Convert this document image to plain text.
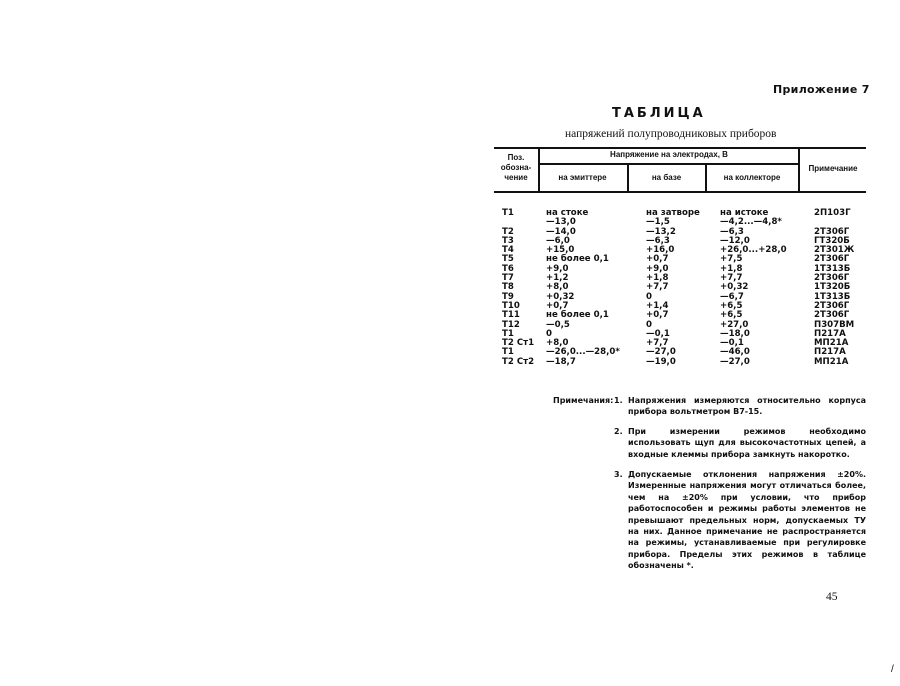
Приложение 7
ТАБЛИЦА
напряжений полупроводниковых приборов
Поз.
обозна-
чение
Напряжение на электродах, В
на эмиттере	на базе	на коллекторе
Примечание
T1
T2
T3
T4
T5
T6
T7
T8
T9
T10
T11
T12
T1
T2 Ст1
T1
T2 Ст2
на стоке
—13,0
—14,0
—6,0
+15,0
не более 0,1
+9,0
+1,2
+8,0
+0,32
+0,7
не более 0,1
—0,5
0
+8,0
—26,0...—28,0*
—18,7
на затворе
—1,5
—13,2
—6,3
+16,0
+0,7
+9,0
+1,8
+7,7
0
+1,4
+0,7
0
—0,1
+7,7
—27,0
—19,0
на истоке
—4,2...—4,8*
—6,3
—12,0
+26,0...+28,0
+7,5
+1,8
+7,7
+0,32
—6,7
+6,5
+6,5
+27,0
—18,0
—0,1
—46,0
—27,0
2П103Г
2Т306Г
ГТ320Б
2Т301Ж
2Т306Г
1Т313Б
2Т306Г
1Т320Б
1Т313Б
2Т306Г
2Т306Г
П307ВМ
П217А
МП21А
П217А
МП21А
Примечания: 1. Напряжения измеряются относительно корпуса прибора вольтметром В7-15.
2. При измерении режимов необходимо использовать щуп для высокочастотных цепей, а входные клеммы прибора замкнуть накоротко.
3. Допускаемые отклонения напряжения ±20%. Измеренные напряжения могут отличаться более, чем на ±20% при условии, что прибор работоспособен и режимы работы элементов не превышают предельных норм, допускаемых ТУ на них. Данное примечание не распространяется на режимы, устанавливаемые при регулировке прибора. Пределы этих режимов в таблице обозначены *.
45
/
